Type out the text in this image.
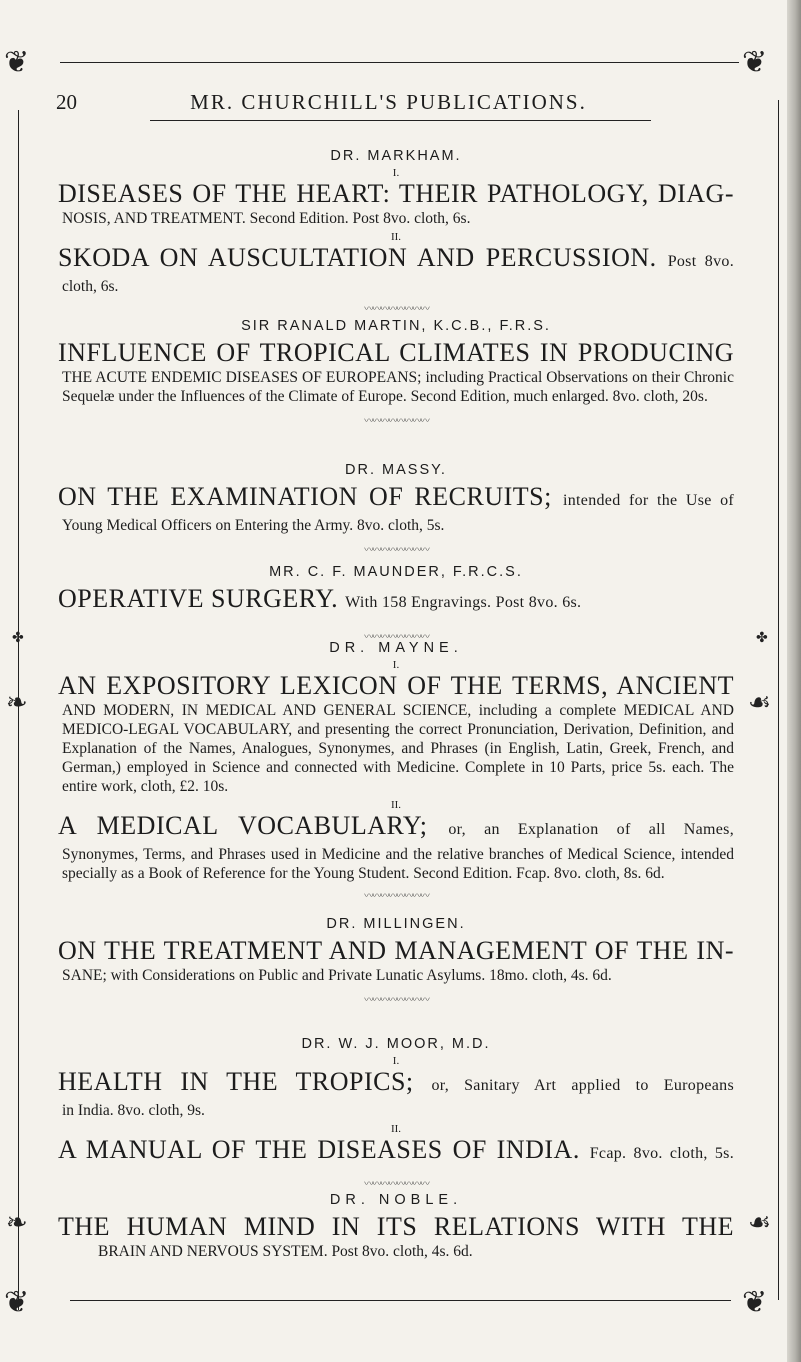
❦	❦
❦	❦
❧	☙
❧	☙
✤	✤
20	MR. CHURCHILL'S PUBLICATIONS.

DR. MARKHAM.

I.

DISEASES OF THE HEART: THEIR PATHOLOGY, DIAG-

NOSIS, AND TREATMENT. Second Edition. Post 8vo. cloth, 6s.

II.

SKODA ON AUSCULTATION AND PERCUSSION. Post 8vo.

cloth, 6s.

〰〰〰〰〰〰〰〰

SIR RANALD MARTIN, K.C.B., F.R.S.

INFLUENCE OF TROPICAL CLIMATES IN PRODUCING

THE ACUTE ENDEMIC DISEASES OF EUROPEANS; including Practical Observations on their Chronic Sequelæ under the Influences of the Climate of Europe. Second Edition, much enlarged. 8vo. cloth, 20s.

〰〰〰〰〰〰〰〰

DR. MASSY.

ON THE EXAMINATION OF RECRUITS; intended for the Use of

Young Medical Officers on Entering the Army. 8vo. cloth, 5s.

〰〰〰〰〰〰〰〰

MR. C. F. MAUNDER, F.R.C.S.

OPERATIVE SURGERY. With 158 Engravings. Post 8vo. 6s.

〰〰〰〰〰〰〰〰

DR. MAYNE.

I.

AN EXPOSITORY LEXICON OF THE TERMS, ANCIENT

AND MODERN, IN MEDICAL AND GENERAL SCIENCE, including a complete MEDICAL AND MEDICO-LEGAL VOCABULARY, and presenting the correct Pronunciation, Derivation, Definition, and Explanation of the Names, Analogues, Synonymes, and Phrases (in English, Latin, Greek, French, and German,) employed in Science and connected with Medicine. Complete in 10 Parts, price 5s. each. The entire work, cloth, £2. 10s.

II.

A MEDICAL VOCABULARY; or, an Explanation of all Names,

Synonymes, Terms, and Phrases used in Medicine and the relative branches of Medical Science, intended specially as a Book of Reference for the Young Student. Second Edition. Fcap. 8vo. cloth, 8s. 6d.

〰〰〰〰〰〰〰〰

DR. MILLINGEN.

ON THE TREATMENT AND MANAGEMENT OF THE IN-

SANE; with Considerations on Public and Private Lunatic Asylums. 18mo. cloth, 4s. 6d.

〰〰〰〰〰〰〰〰

DR. W. J. MOOR, M.D.

I.

HEALTH IN THE TROPICS; or, Sanitary Art applied to Europeans

in India. 8vo. cloth, 9s.

II.

A MANUAL OF THE DISEASES OF INDIA. Fcap. 8vo. cloth, 5s.

〰〰〰〰〰〰〰〰

DR. NOBLE.

THE HUMAN MIND IN ITS RELATIONS WITH THE

BRAIN AND NERVOUS SYSTEM. Post 8vo. cloth, 4s. 6d.
